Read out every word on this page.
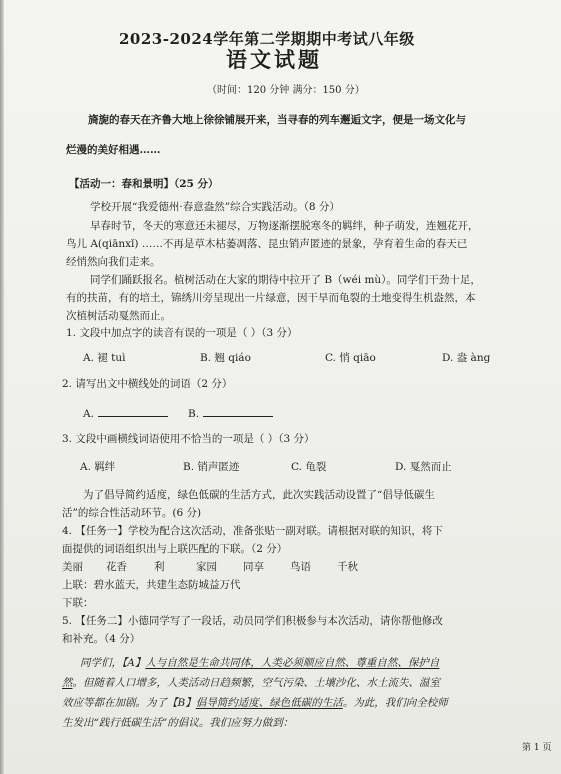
2023-2024学年第二学期期中考试八年级
语文试题
（时间：120 分钟 满分：150 分）
旖旎的春天在齐鲁大地上徐徐铺展开来，当寻春的列车邂逅文字，便是一场文化与
烂漫的美好相遇……
【活动一：春和景明】（25 分）
学校开展“我爱德州·春意盎然”综合实践活动。（8 分）
早春时节，冬天的寒意还未褪尽，万物逐渐摆脱寒冬的羁绊，种子萌发，连翘花开，
鸟儿 A(qiānxǐ) ……不再是草木枯萎凋落、昆虫销声匿迹的景象，孕育着生命的春天已
经悄然向我们走来。
同学们踊跃报名。植树活动在大家的期待中拉开了 B（wéi mù）。同学们干劲十足，
有的扶苗，有的培土，锦绣川旁呈现出一片绿意，因干旱而龟裂的土地变得生机盎然，本
次植树活动戛然而止。
1. 文段中加点字的读音有误的一项是（ ）（3 分）
A. 褪 tuì	B. 翘 qiáo	C. 悄 qiāo	D. 盎 àng
2. 请写出文中横线处的词语（2 分）
A.	B.
3. 文段中画横线词语使用不恰当的一项是（ ）（3 分）
A. 羁绊	B. 销声匿迹	C. 龟裂	D. 戛然而止
为了倡导简约适度，绿色低碳的生活方式，此次实践活动设置了“倡导低碳生
活”的综合性活动环节。(6 分)
4. 【任务一】学校为配合这次活动，准备张贴一副对联。请根据对联的知识，将下
面提供的词语组织出与上联匹配的下联。（2 分）
美丽 花香	利	家园 同享 鸟语 千秋
上联：碧水蓝天，共建生态防城益万代
下联：
5. 【任务二】小德同学写了一段话，动员同学们积极参与本次活动，请你帮他修改
和补充。（4 分）
同学们，【A】人与自然是生命共同体，人类必须顺应自然、尊重自然、保护自
然。但随着人口增多，人类活动日趋频繁，空气污染、土壤沙化、水土流失、温室
效应等都在加剧。为了【B】倡导简约适度、绿色低碳的生活。为此，我们向全校师
生发出“践行低碳生活”的倡议。我们应努力做到：
第 1 页
